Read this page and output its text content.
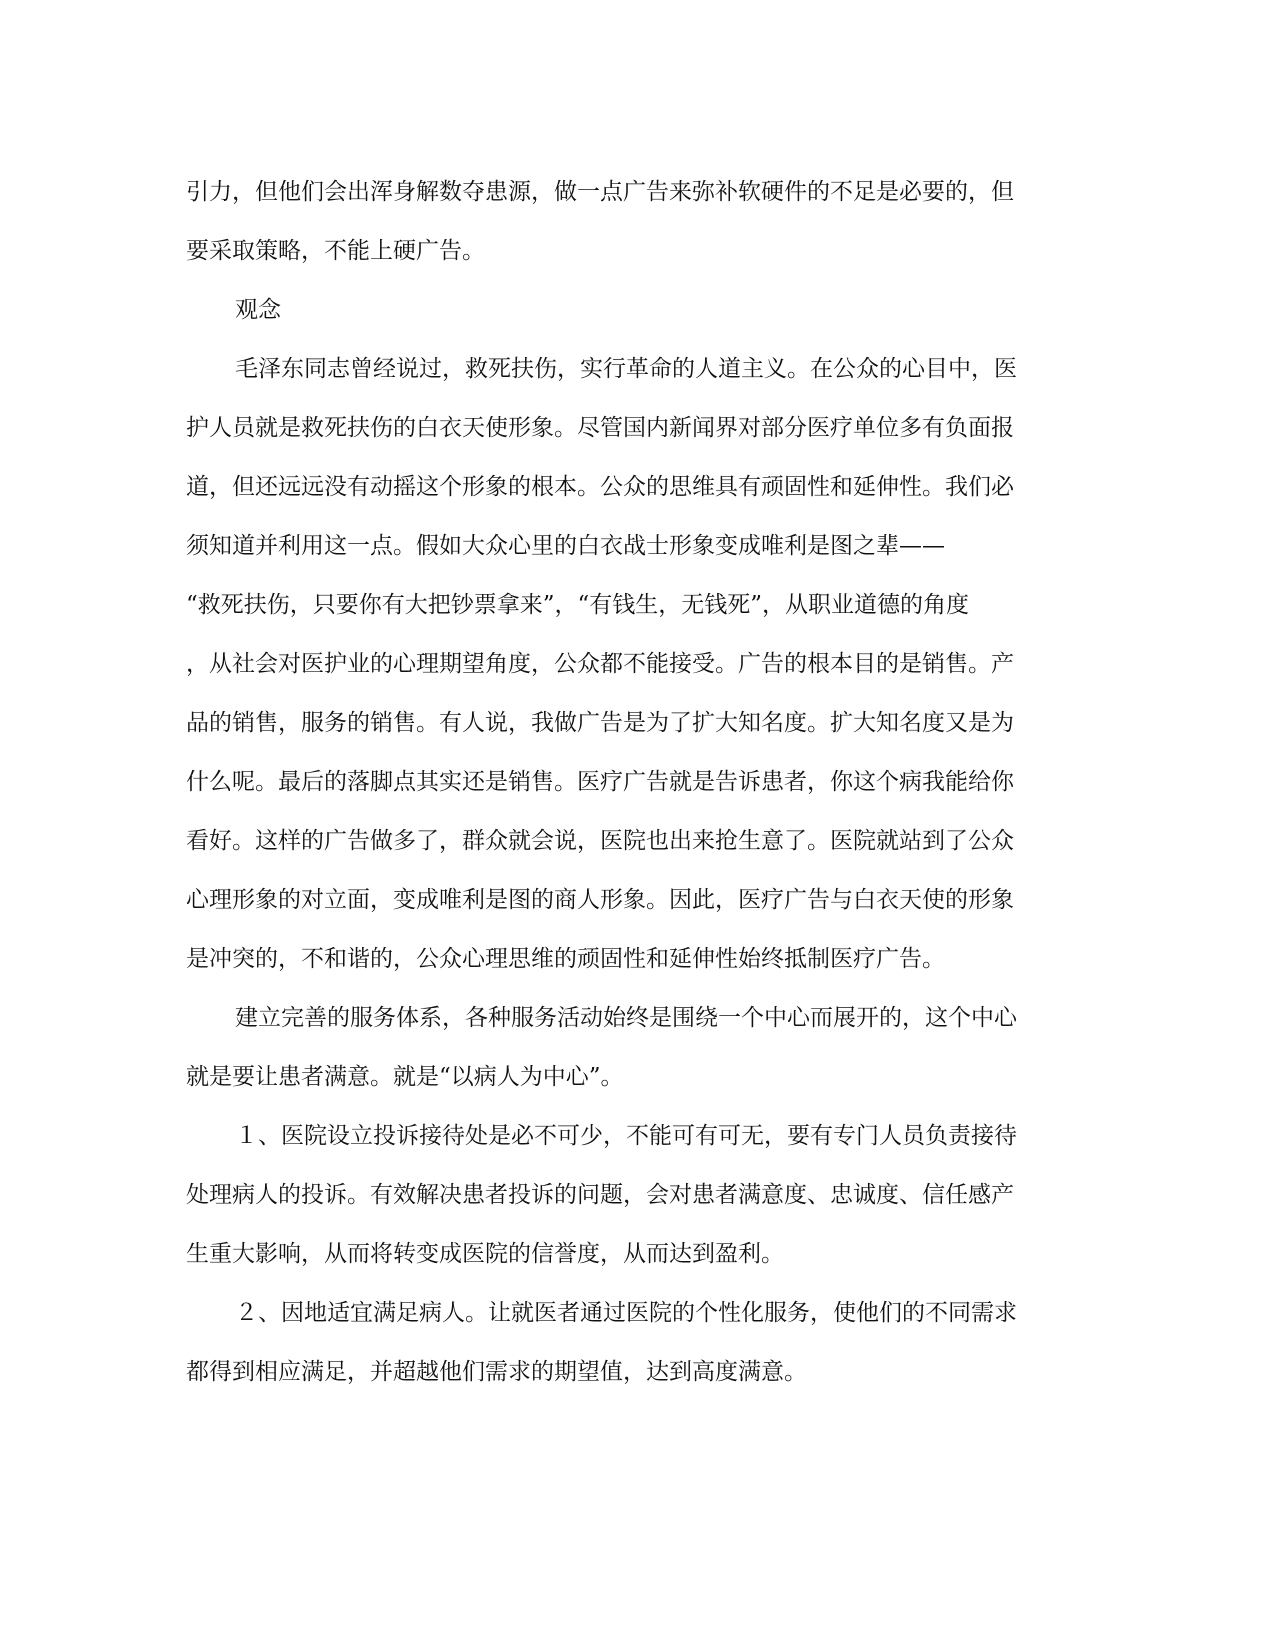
引力，但他们会出浑身解数夺患源，做一点广告来弥补软硬件的不足是必要的，但
要采取策略，不能上硬广告。
观念
毛泽东同志曾经说过，救死扶伤，实行革命的人道主义。在公众的心目中，医
护人员就是救死扶伤的白衣天使形象。尽管国内新闻界对部分医疗单位多有负面报
道，但还远远没有动摇这个形象的根本。公众的思维具有顽固性和延伸性。我们必
须知道并利用这一点。假如大众心里的白衣战士形象变成唯利是图之辈——
“救死扶伤，只要你有大把钞票拿来”，“有钱生，无钱死”，从职业道德的角度
，从社会对医护业的心理期望角度，公众都不能接受。广告的根本目的是销售。产
品的销售，服务的销售。有人说，我做广告是为了扩大知名度。扩大知名度又是为
什么呢。最后的落脚点其实还是销售。医疗广告就是告诉患者，你这个病我能给你
看好。这样的广告做多了，群众就会说，医院也出来抢生意了。医院就站到了公众
心理形象的对立面，变成唯利是图的商人形象。因此，医疗广告与白衣天使的形象
是冲突的，不和谐的，公众心理思维的顽固性和延伸性始终抵制医疗广告。
建立完善的服务体系，各种服务活动始终是围绕一个中心而展开的，这个中心
就是要让患者满意。就是“以病人为中心”。
１、医院设立投诉接待处是必不可少，不能可有可无，要有专门人员负责接待
处理病人的投诉。有效解决患者投诉的问题，会对患者满意度、忠诚度、信任感产
生重大影响，从而将转变成医院的信誉度，从而达到盈利。
２、因地适宜满足病人。让就医者通过医院的个性化服务，使他们的不同需求
都得到相应满足，并超越他们需求的期望值，达到高度满意。
